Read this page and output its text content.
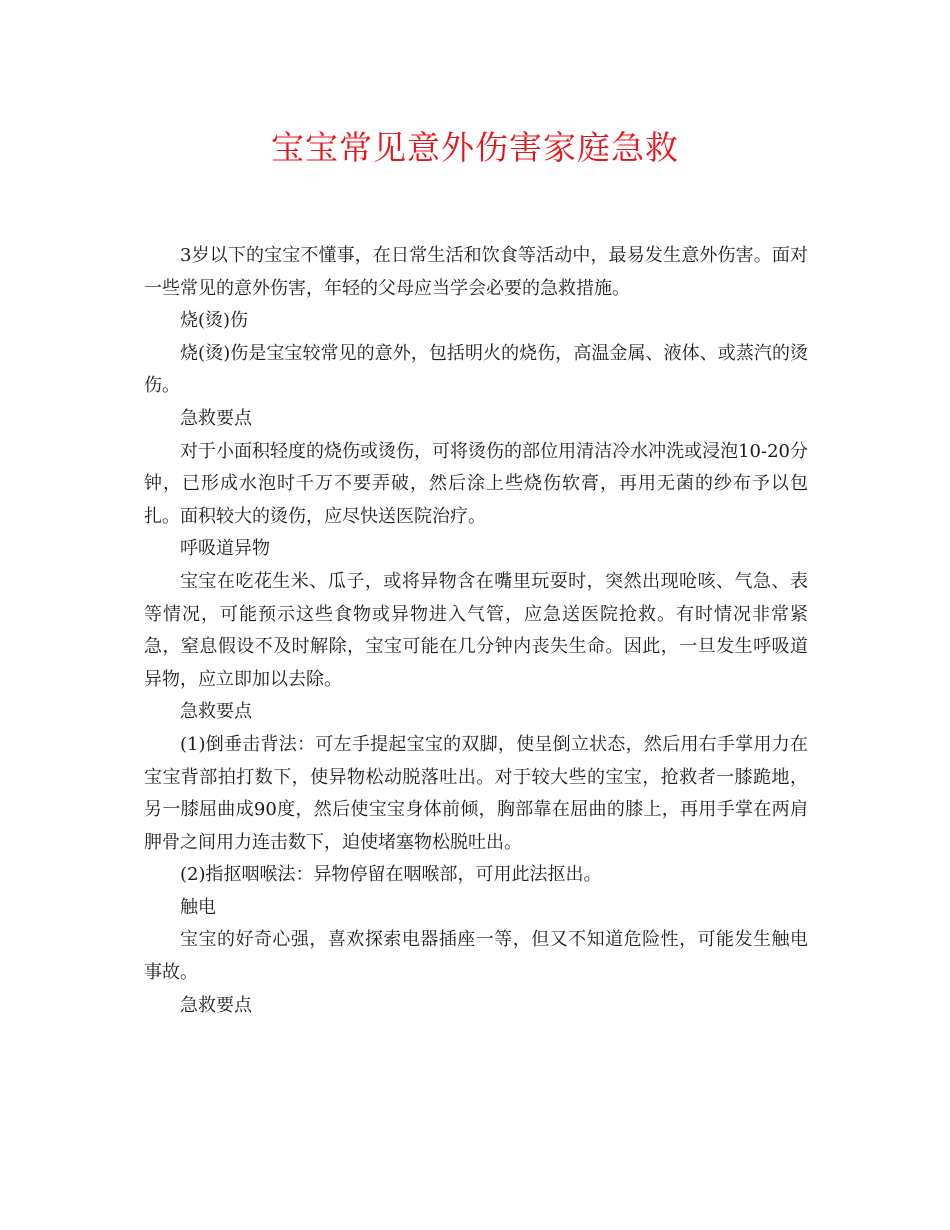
宝宝常见意外伤害家庭急救

3岁以下的宝宝不懂事，在日常生活和饮食等活动中，最易发生意外伤害。面对一些常见的意外伤害，年轻的父母应当学会必要的急救措施。

烧(烫)伤

烧(烫)伤是宝宝较常见的意外，包括明火的烧伤，高温金属、液体、或蒸汽的烫伤。

急救要点

对于小面积轻度的烧伤或烫伤，可将烫伤的部位用清洁冷水冲洗或浸泡10-20分钟，已形成水泡时千万不要弄破，然后涂上些烧伤软膏，再用无菌的纱布予以包扎。面积较大的烫伤，应尽快送医院治疗。

呼吸道异物

宝宝在吃花生米、瓜子，或将异物含在嘴里玩耍时，突然出现呛咳、气急、表等情况，可能预示这些食物或异物进入气管，应急送医院抢救。有时情况非常紧急，窒息假设不及时解除，宝宝可能在几分钟内丧失生命。因此，一旦发生呼吸道异物，应立即加以去除。

急救要点

(1)倒垂击背法：可左手提起宝宝的双脚，使呈倒立状态，然后用右手掌用力在宝宝背部拍打数下，使异物松动脱落吐出。对于较大些的宝宝，抢救者一膝跪地，另一膝屈曲成90度，然后使宝宝身体前倾，胸部靠在屈曲的膝上，再用手掌在两肩胛骨之间用力连击数下，迫使堵塞物松脱吐出。

(2)指抠咽喉法：异物停留在咽喉部，可用此法抠出。

触电

宝宝的好奇心强，喜欢探索电器插座一等，但又不知道危险性，可能发生触电事故。

急救要点
